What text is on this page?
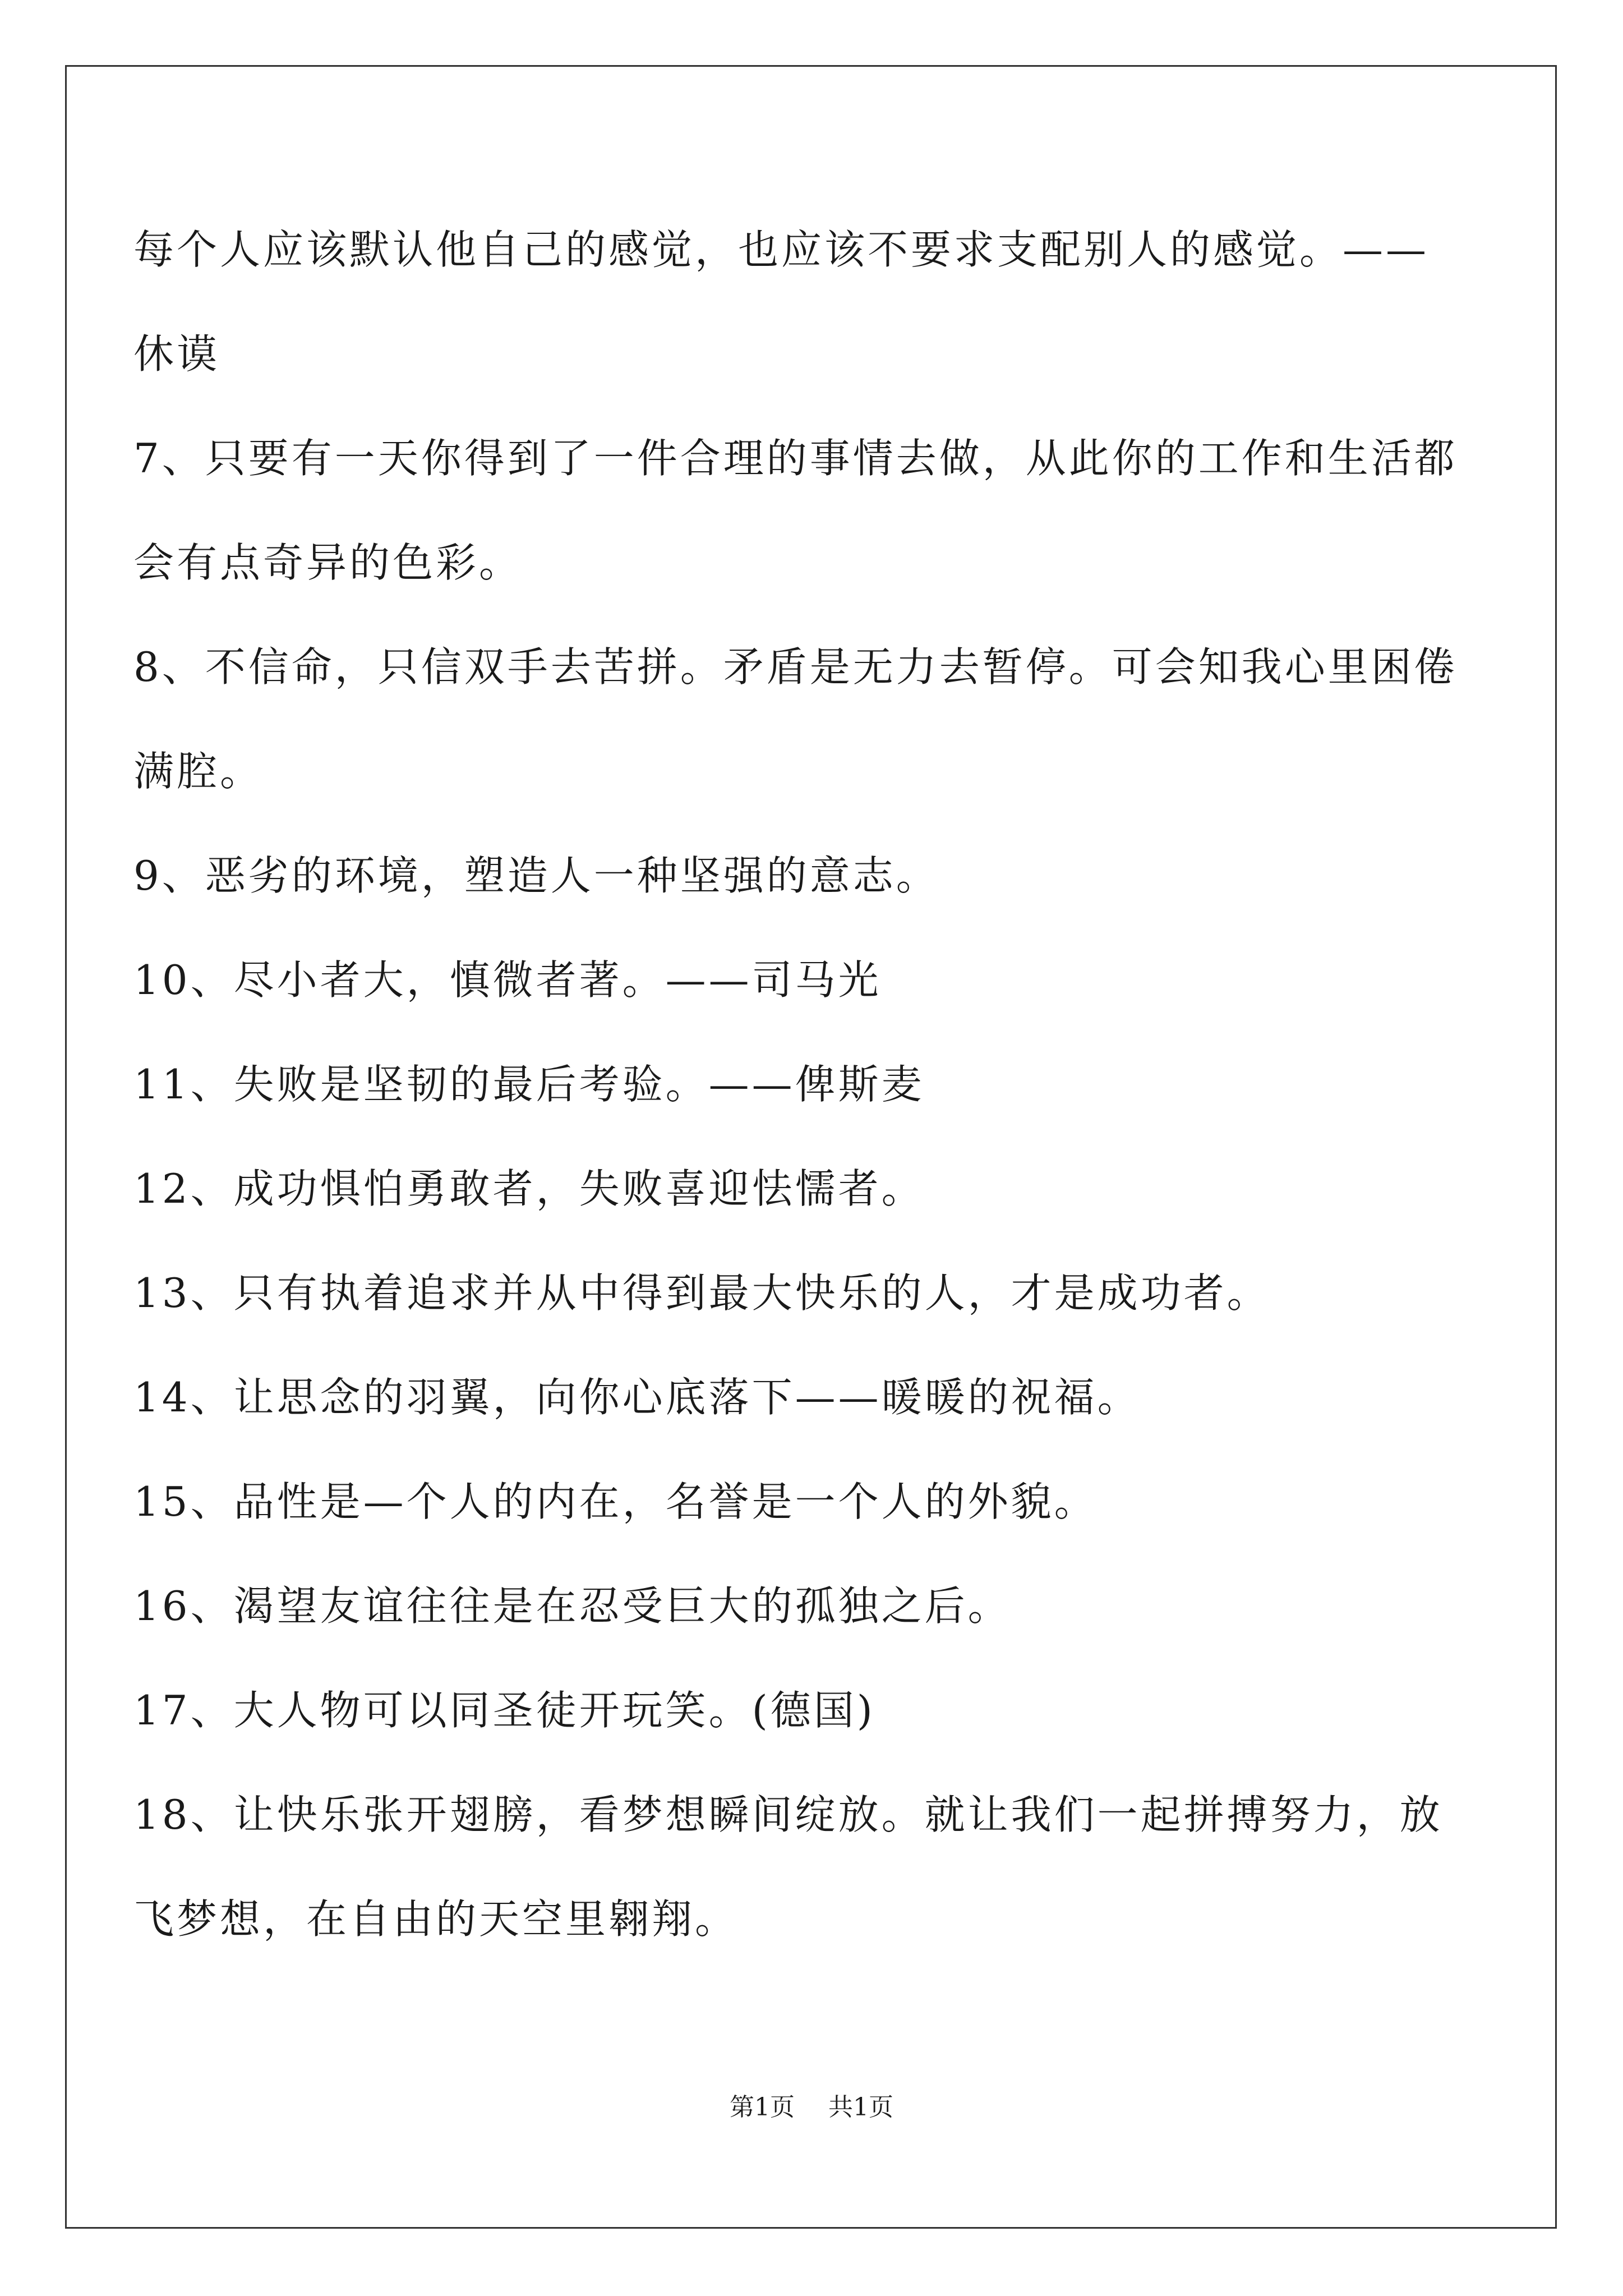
每个人应该默认他自己的感觉，也应该不要求支配别人的感觉。——
休谟

7、只要有一天你得到了一件合理的事情去做，从此你的工作和生活都
会有点奇异的色彩。

8、不信命，只信双手去苦拼。矛盾是无力去暂停。可会知我心里困倦
满腔。

9、恶劣的环境，塑造人一种坚强的意志。

10、尽小者大，慎微者著。——司马光

11、失败是坚韧的最后考验。——俾斯麦

12、成功惧怕勇敢者，失败喜迎怯懦者。

13、只有执着追求并从中得到最大快乐的人，才是成功者。

14、让思念的羽翼，向你心底落下——暖暖的祝福。

15、品性是—个人的内在，名誉是一个人的外貌。

16、渴望友谊往往是在忍受巨大的孤独之后。

17、大人物可以同圣徒开玩笑。(德国)

18、让快乐张开翅膀，看梦想瞬间绽放。就让我们一起拼搏努力，放
飞梦想，在自由的天空里翱翔。

第1页 共1页
